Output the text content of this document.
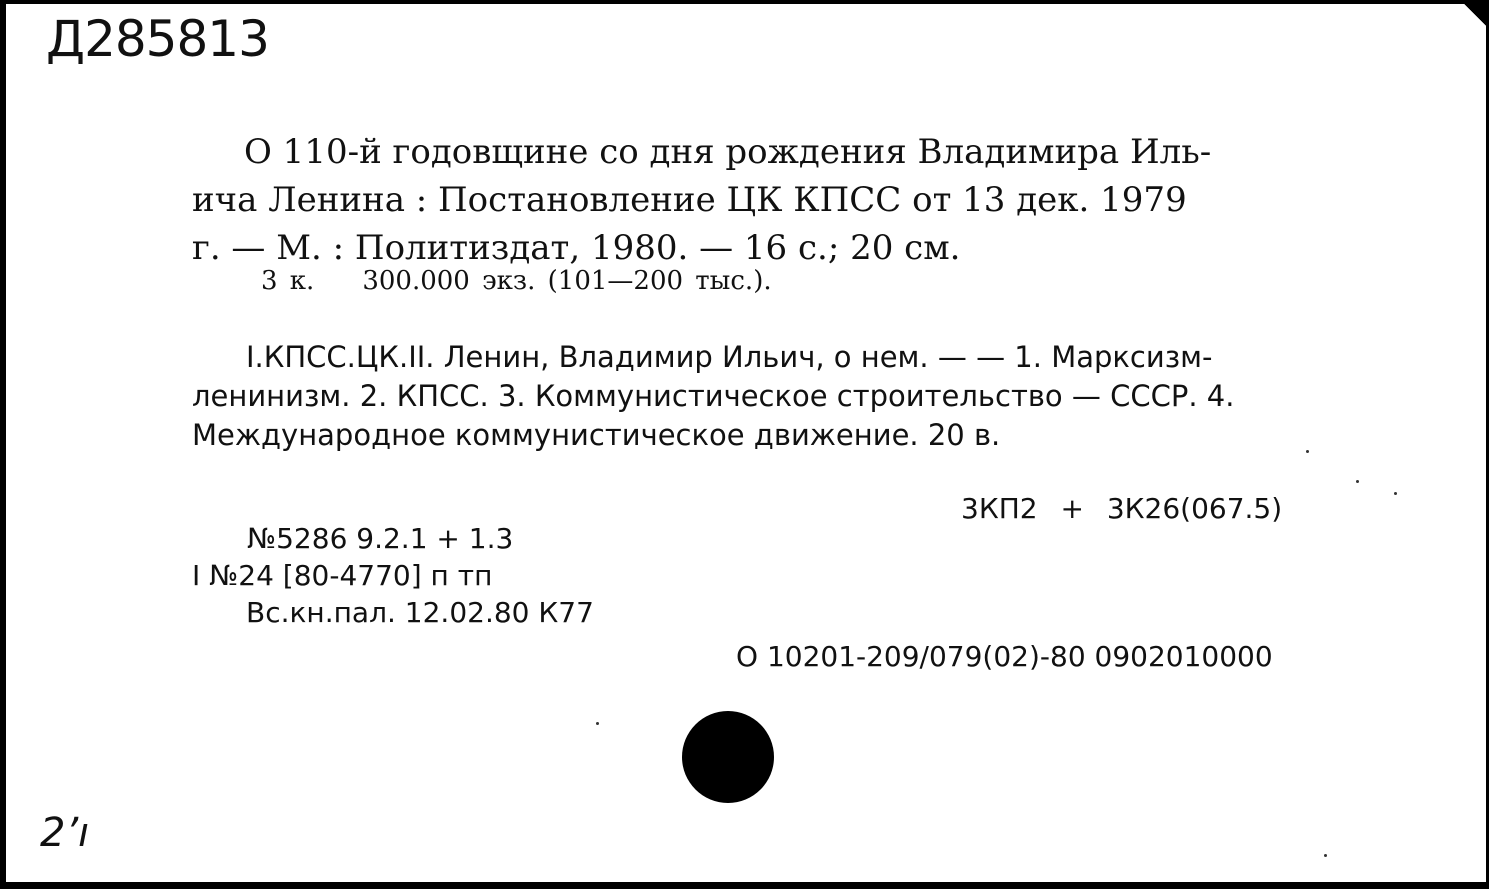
Д285813
О 110-й годовщине со дня рождения Владимира Иль-
ича Ленина : Постановление ЦК КПСС от 13 дек. 1979
г. — М. : Политиздат, 1980. — 16 с.; 20 см.
3 к. 300.000 экз. (101—200 тыс.).
I.КПСС.ЦК.II. Ленин, Владимир Ильич, о нем. — — 1. Марксизм-
ленинизм. 2. КПСС. 3. Коммунистическое строительство — СССР. 4.
Международное коммунистическое движение. 20 в.
3КП2 + 3К26(067.5)

№5286 9.2.1 + 1.3

I №24 [80-4770] п тп

Вс.кн.пал. 12.02.80 К77

О 10201-209/079(02)-80 0902010000

2’ı
